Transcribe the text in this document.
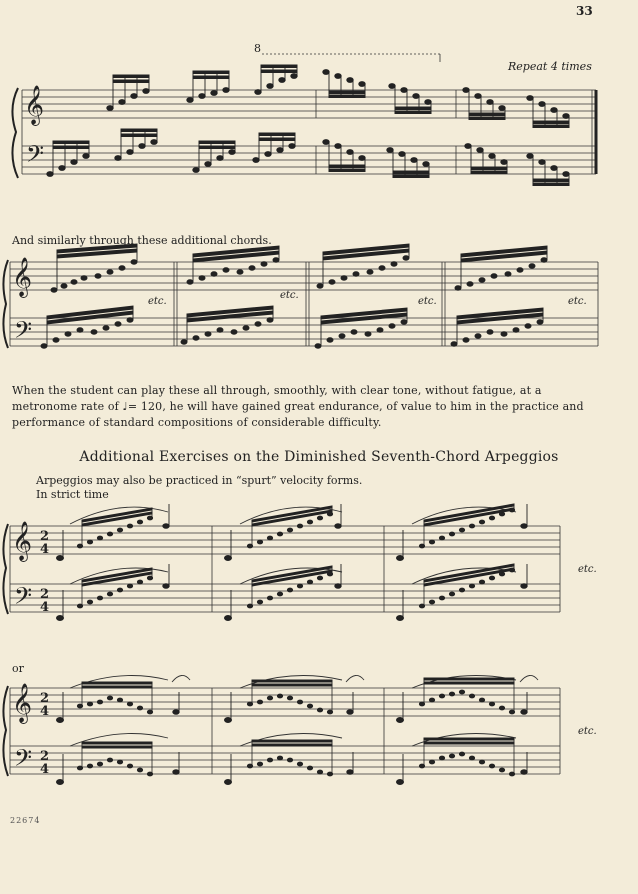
33
𝄞
𝄢
8
Repeat 4 times
And similarly through these additional chords.
𝄞
𝄢
etc.
etc.
etc.	etc.
When the student can play these all through, smoothly, with clear tone, without fatigue, at a metronome rate of ♩= 120, he will have gained great endurance, of value to him in the practice and performance of standard compositions of considerable difficulty.
Additional Exercises on the Diminished Seventh-Chord Arpeggios
Arpeggios may also be practiced in “spurt” velocity forms.
In strict time
𝄞
𝄢
2
4
2
4
etc.
or
𝄞
𝄢
2
4
2
4
etc.
22674
